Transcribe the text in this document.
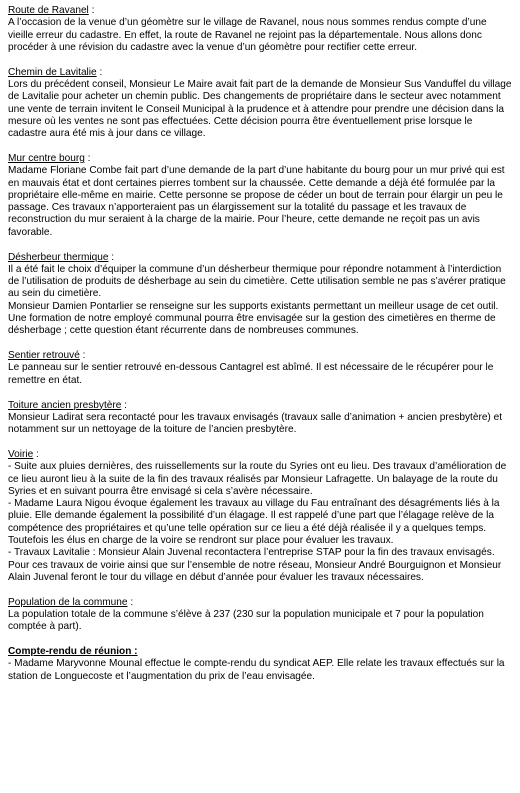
Route de Ravanel :

A l’occasion de la venue d’un géomètre sur le village de Ravanel, nous nous sommes rendus compte d’une vieille erreur du cadastre. En effet, la route de Ravanel ne rejoint pas la départementale. Nous allons donc procéder à une révision du cadastre avec la venue d’un géomètre pour rectifier cette erreur.

Chemin de Lavitalie :

Lors du précédent conseil, Monsieur Le Maire avait fait part de la demande de Monsieur Sus Vanduffel du village de Lavitalie pour acheter un chemin public. Des changements de propriétaire dans le secteur avec notamment une vente de terrain invitent le Conseil Municipal à la prudence et à attendre pour prendre une décision dans la mesure où les ventes ne sont pas effectuées. Cette décision pourra être éventuellement prise lorsque le cadastre aura été mis à jour dans ce village.

Mur centre bourg :

Madame Floriane Combe fait part d’une demande de la part d’une habitante du bourg pour un mur privé qui est en mauvais état et dont certaines pierres tombent sur la chaussée. Cette demande a déjà été formulée par la propriétaire elle-même en mairie. Cette personne se propose de céder un bout de terrain pour élargir un peu le passage. Ces travaux n’apporteraient pas un élargissement sur la totalité du passage et les travaux de reconstruction du mur seraient à la charge de la mairie. Pour l’heure, cette demande ne reçoit pas un avis favorable.

Désherbeur thermique :

Il a été fait le choix d’équiper la commune d’un désherbeur thermique pour répondre notamment à l’interdiction de l’utilisation de produits de désherbage au sein du cimetière. Cette utilisation semble ne pas s’avérer pratique au sein du cimetière.

Monsieur Damien Pontarlier se renseigne sur les supports existants permettant un meilleur usage de cet outil.

Une formation de notre employé communal pourra être envisagée sur la gestion des cimetières en therme de désherbage ; cette question étant récurrente dans de nombreuses communes.

Sentier retrouvé :

Le panneau sur le sentier retrouvé en-dessous Cantagrel est abîmé. Il est nécessaire de le récupérer pour le remettre en état.

Toiture ancien presbytère :

Monsieur Ladirat sera recontacté pour les travaux envisagés (travaux salle d’animation + ancien presbytère) et notamment sur un nettoyage de la toiture de l’ancien presbytère.

Voirie :

- Suite aux pluies dernières, des ruissellements sur la route du Syries ont eu lieu. Des travaux d’amélioration de ce lieu auront lieu à la suite de la fin des travaux réalisés par Monsieur Lafragette. Un balayage de la route du Syries et en suivant pourra être envisagé si cela s’avère nécessaire.

- Madame Laura Nigou évoque également les travaux au village du Fau entraînant des désagréments liés à la pluie. Elle demande également la possibilité d’un élagage. Il est rappelé d’une part que l’élagage relève de la compétence des propriétaires et qu’une telle opération sur ce lieu a été déjà réalisée il y a quelques temps. Toutefois les élus en charge de la voire se rendront sur place pour évaluer les travaux.

- Travaux Lavitalie : Monsieur Alain Juvenal recontactera l’entreprise STAP pour la fin des travaux envisagés.

Pour ces travaux de voirie ainsi que sur l’ensemble de notre réseau, Monsieur André Bourguignon et Monsieur Alain Juvenal feront le tour du village en début d’année pour évaluer les travaux nécessaires.

Population de la commune :

La population totale de la commune s’élève à 237 (230 sur la population municipale et 7 pour la population comptée à part).

Compte-rendu de réunion :

- Madame Maryvonne Mounal effectue le compte-rendu du syndicat AEP. Elle relate les travaux effectués sur la station de Longuecoste et l’augmentation du prix de l’eau envisagée.
